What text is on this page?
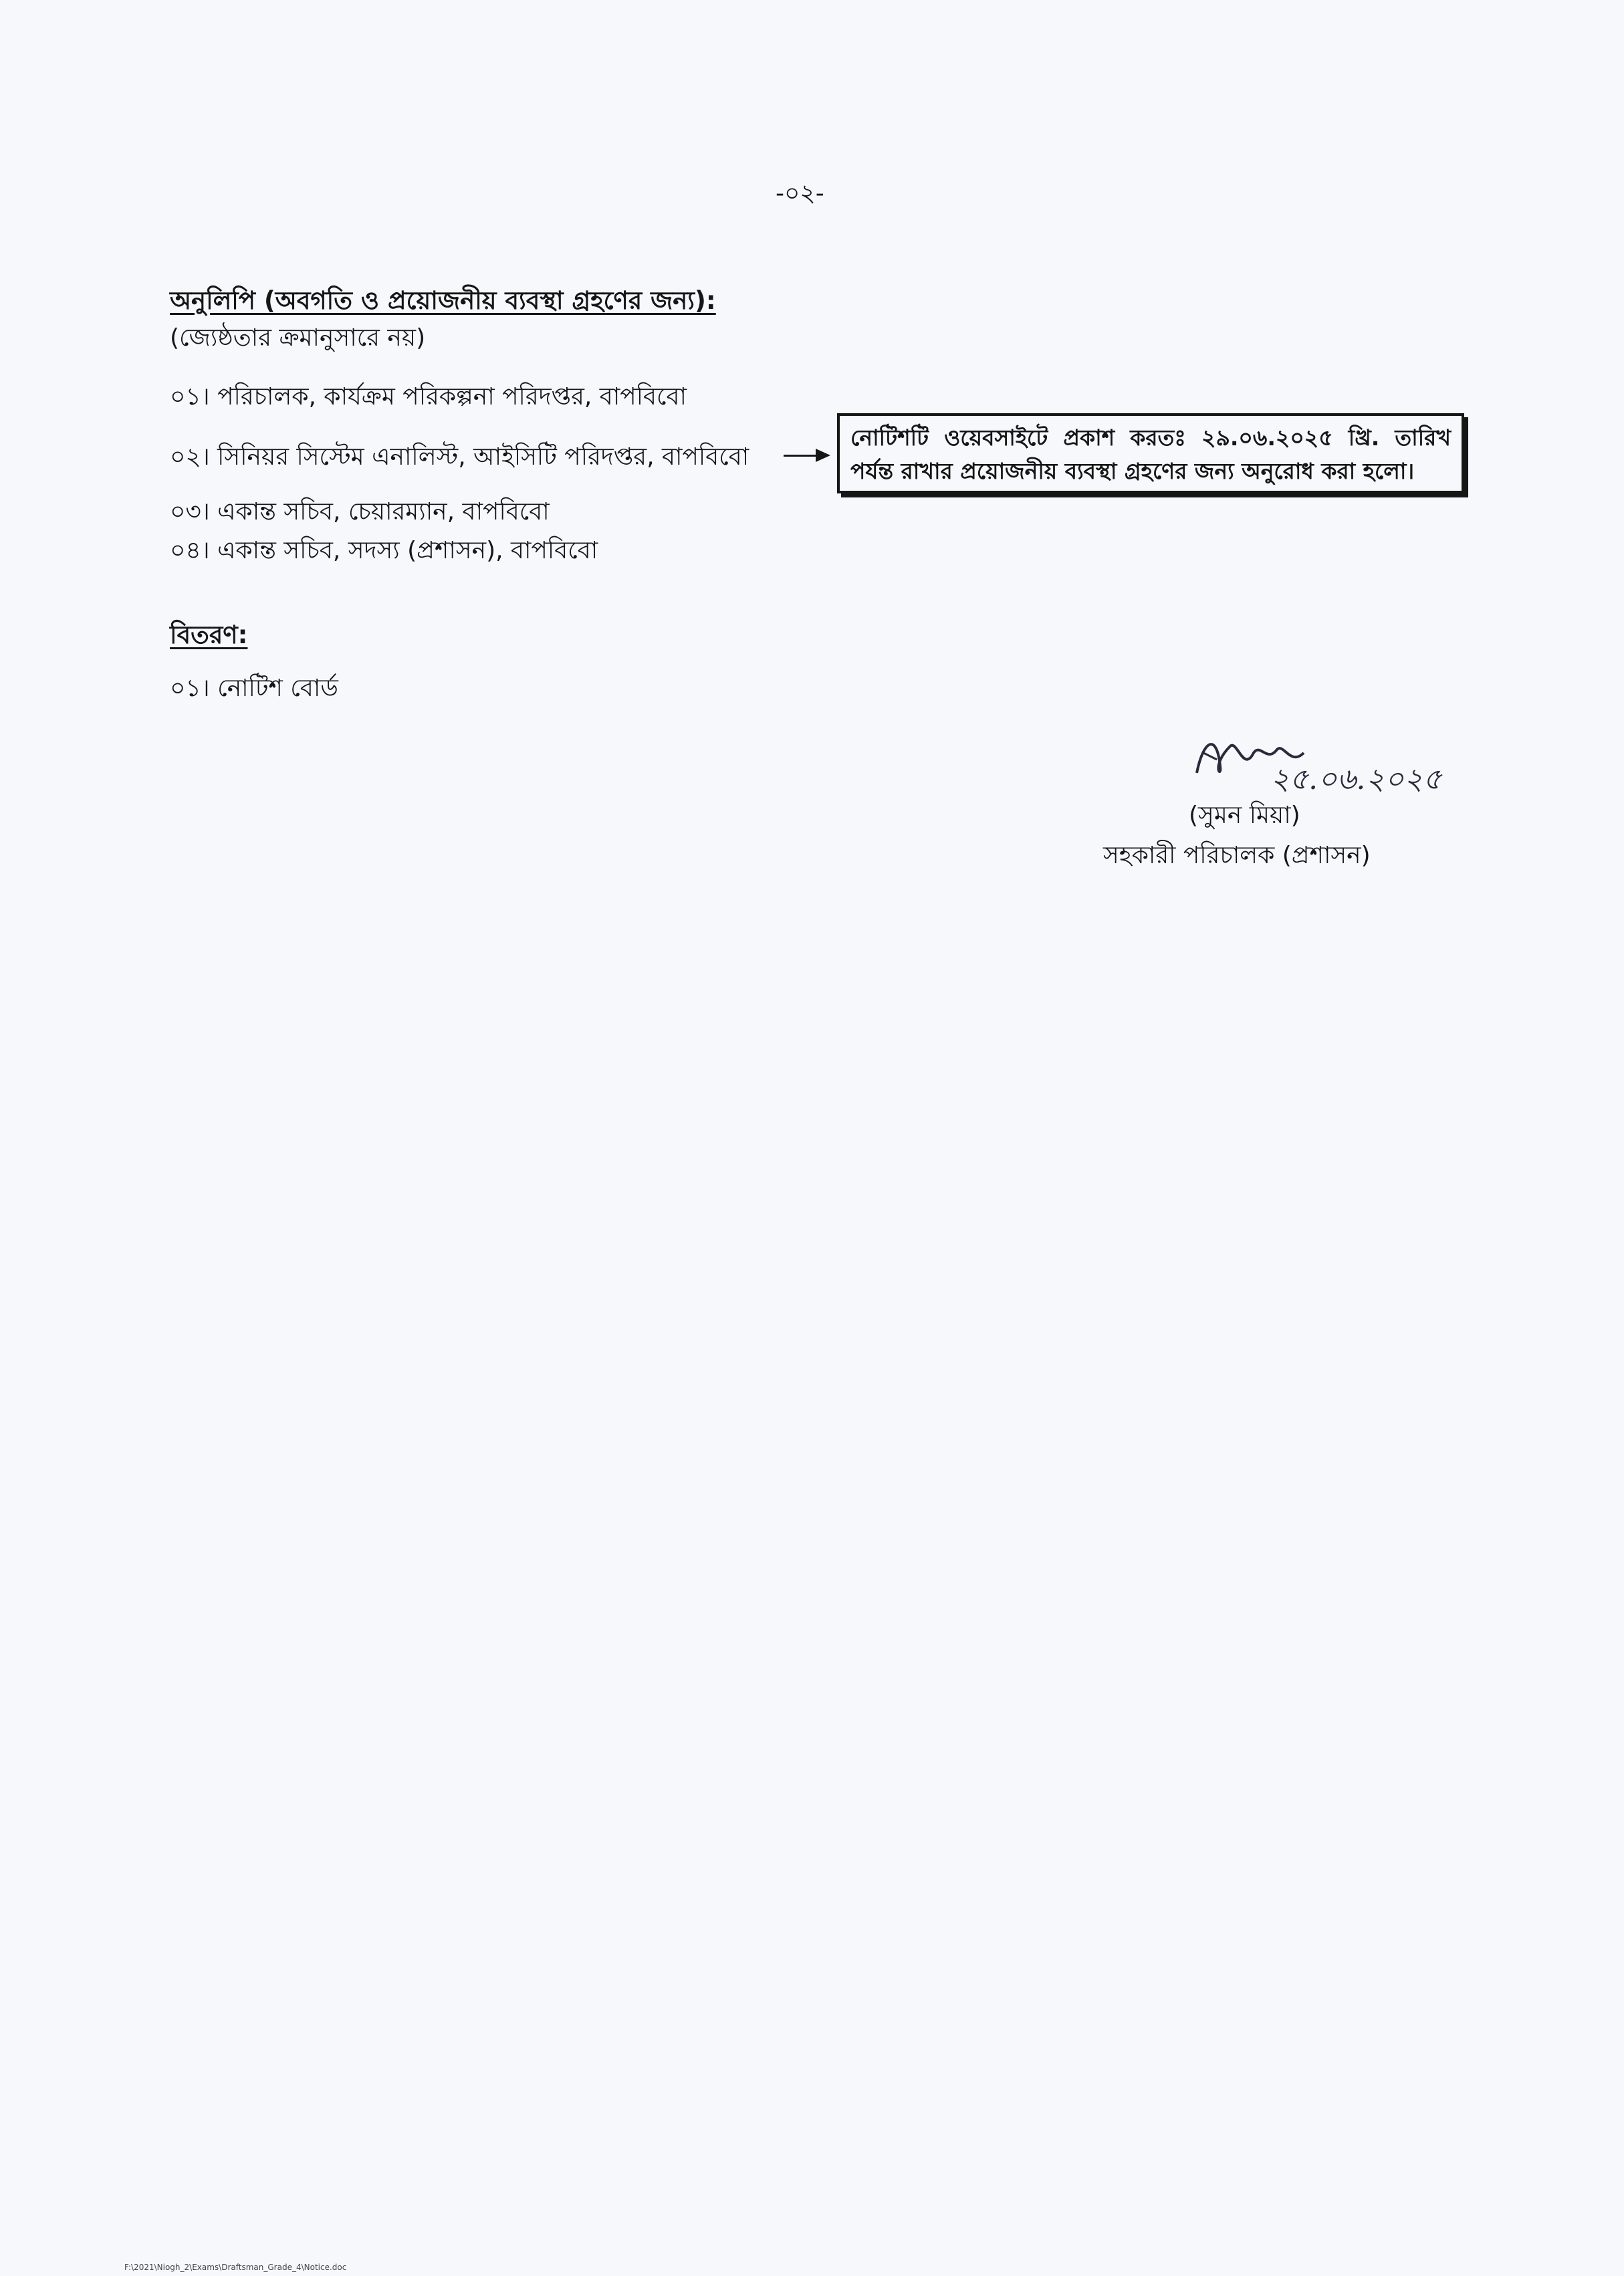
-০২-
অনুলিপি (অবগতি ও প্রয়োজনীয় ব্যবস্থা গ্রহণের জন্য):
(জ্যেষ্ঠতার ক্রমানুসারে নয়)
০১। পরিচালক, কার্যক্রম পরিকল্পনা পরিদপ্তর, বাপবিবো
০২। সিনিয়র সিস্টেম এনালিস্ট, আইসিটি পরিদপ্তর, বাপবিবো
নোটিশটি ওয়েবসাইটে প্রকাশ করতঃ ২৯.০৬.২০২৫ খ্রি. তারিখ পর্যন্ত রাখার প্রয়োজনীয় ব্যবস্থা গ্রহণের জন্য অনুরোধ করা হলো।
০৩। একান্ত সচিব, চেয়ারম্যান, বাপবিবো
০৪। একান্ত সচিব, সদস্য (প্রশাসন), বাপবিবো
বিতরণ:
০১। নোটিশ বোর্ড
২৫.০৬.২০২৫
(সুমন মিয়া)
সহকারী পরিচালক (প্রশাসন)
F:\2021\Niogh_2\Exams\Draftsman_Grade_4\Notice.doc
